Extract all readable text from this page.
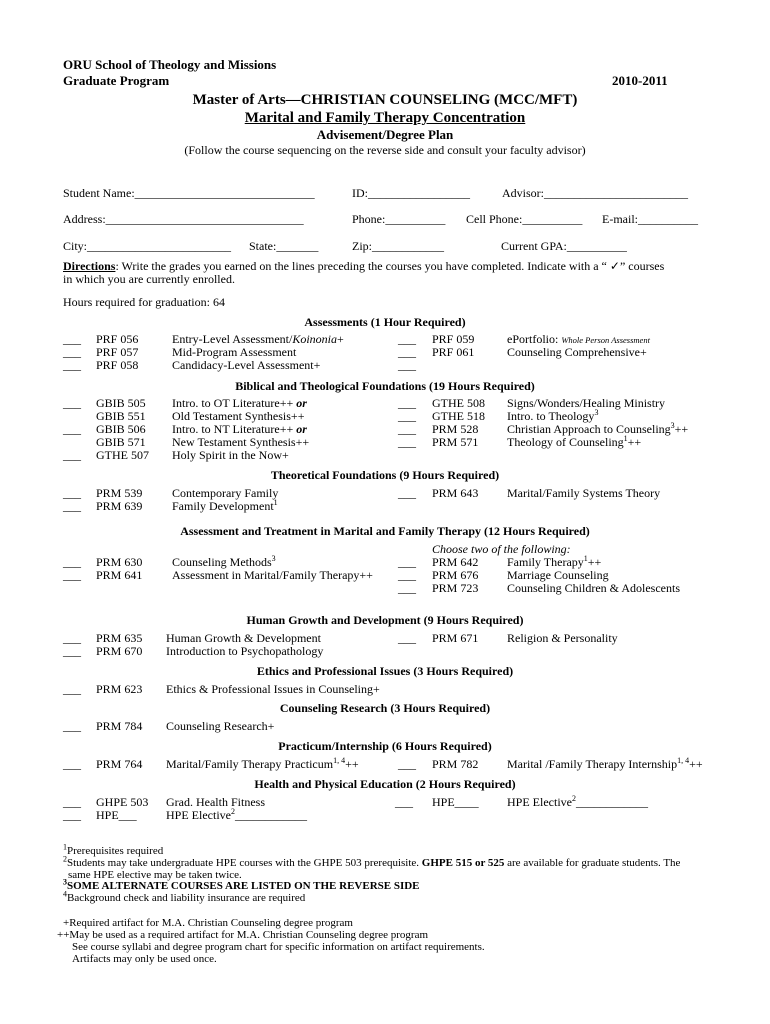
ORU School of Theology and Missions
Graduate Program	2010-2011
Master of Arts—CHRISTIAN COUNSELING (MCC/MFT)
Marital and Family Therapy Concentration
Advisement/Degree Plan
(Follow the course sequencing on the reverse side and consult your faculty advisor)
Student Name:______________________________	ID:_________________	Advisor:________________________
Address:_________________________________	Phone:__________ Cell Phone:__________ E-mail:__________
City:________________________ State:_______	Zip:____________	Current GPA:__________
Directions: Write the grades you earned on the lines preceding the courses you have completed. Indicate with a “ ✓” courses
in which you are currently enrolled.
Hours required for graduation: 64
Assessments (1 Hour Required)
___ PRF 056	Entry-Level Assessment/Koinonia+
___ PRF 057	Mid-Program Assessment
___ PRF 058	Candidacy-Level Assessment+
___ PRF 059	ePortfolio: Whole Person Assessment
___ PRF 061	Counseling Comprehensive+
___
Biblical and Theological Foundations (19 Hours Required)
___ GBIB 505 Intro. to OT Literature++ or
GBIB 551 Old Testament Synthesis++
___ GBIB 506 Intro. to NT Literature++ or
GBIB 571 New Testament Synthesis++
___ GTHE 507 Holy Spirit in the Now+
___ GTHE 508 Signs/Wonders/Healing Ministry
___ GTHE 518 Intro. to Theology$^3$
___ PRM 528 Christian Approach to Counseling$^3$++
___ PRM 571 Theology of Counseling$^1$++
Theoretical Foundations (9 Hours Required)
___ PRM 539 Contemporary Family
___ PRM 639 Family Development$^1$
___ PRM 643 Marital/Family Systems Theory
Assessment and Treatment in Marital and Family Therapy (12 Hours Required)
Choose two of the following:
___ PRM 630 Counseling Methods$^3$
___ PRM 641 Assessment in Marital/Family Therapy++
___ PRM 642 Family Therapy$^1$++
___ PRM 676 Marriage Counseling
___ PRM 723 Counseling Children & Adolescents
Human Growth and Development (9 Hours Required)
___ PRM 635 Human Growth & Development
___ PRM 670 Introduction to Psychopathology
___ PRM 671 Religion & Personality
Ethics and Professional Issues (3 Hours Required)
___ PRM 623 Ethics & Professional Issues in Counseling+
Counseling Research (3 Hours Required)
___ PRM 784 Counseling Research+
Practicum/Internship (6 Hours Required)
___ PRM 764 Marital/Family Therapy Practicum$^{1, 4}$++	___ PRM 782 Marital /Family Therapy Internship$^{1, 4}$++
Health and Physical Education (2 Hours Required)
___ GHPE 503 Grad. Health Fitness
___ HPE___ HPE Elective$^2$____________
___ HPE____ HPE Elective$^2$____________
$^1$Prerequisites required
$^2$Students may take undergraduate HPE courses with the GHPE 503 prerequisite. GHPE 515 or 525 are available for graduate students. The
same HPE elective may be taken twice.
$^3$SOME ALTERNATE COURSES ARE LISTED ON THE REVERSE SIDE
$^4$Background check and liability insurance are required
+Required artifact for M.A. Christian Counseling degree program
++May be used as a required artifact for M.A. Christian Counseling degree program
See course syllabi and degree program chart for specific information on artifact requirements.
Artifacts may only be used once.
